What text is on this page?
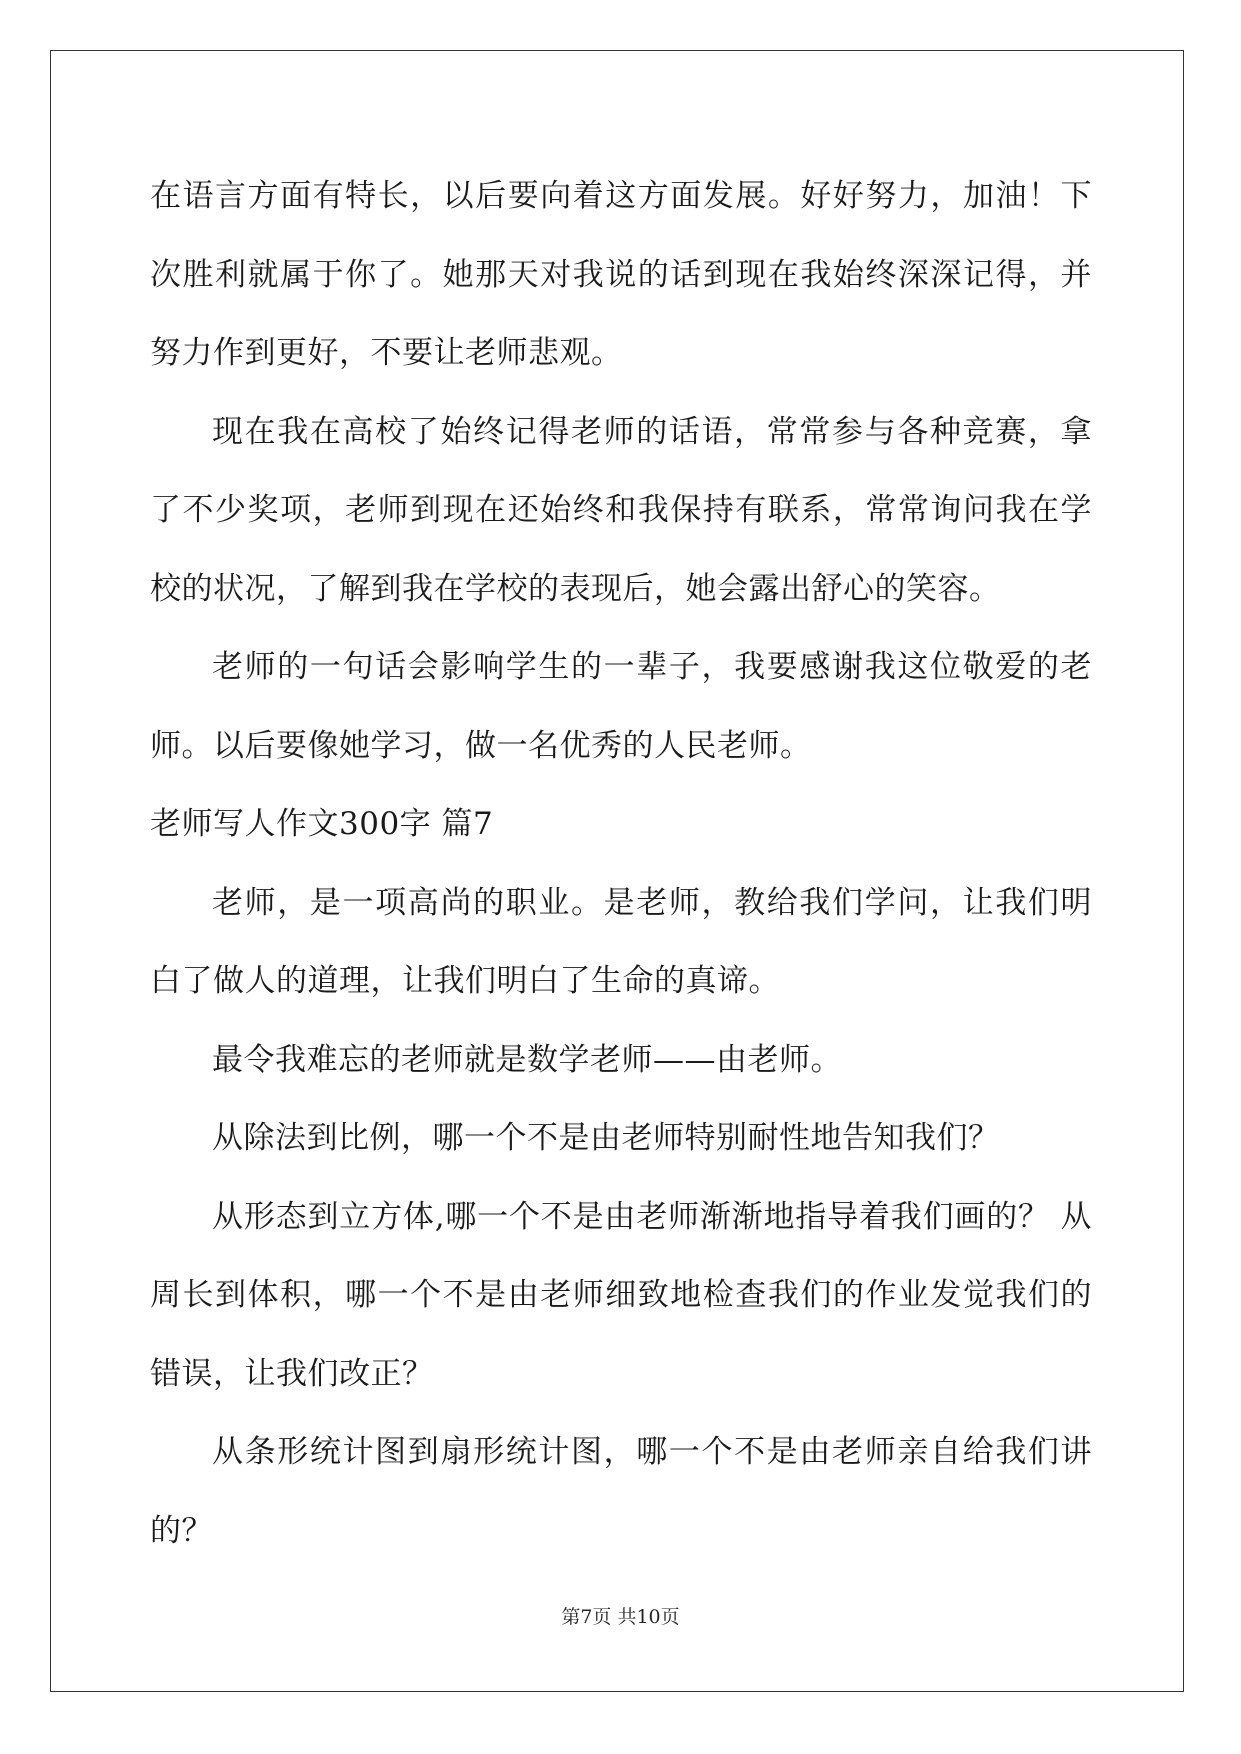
在语言方面有特长，以后要向着这方面发展。好好努力，加油！下次胜利就属于你了。她那天对我说的话到现在我始终深深记得，并努力作到更好，不要让老师悲观。

现在我在高校了始终记得老师的话语，常常参与各种竞赛，拿了不少奖项，老师到现在还始终和我保持有联系，常常询问我在学校的状况，了解到我在学校的表现后，她会露出舒心的笑容。

老师的一句话会影响学生的一辈子，我要感谢我这位敬爱的老师。以后要像她学习，做一名优秀的人民老师。

老师写人作文300字 篇7

老师，是一项高尚的职业。是老师，教给我们学问，让我们明白了做人的道理，让我们明白了生命的真谛。

最令我难忘的老师就是数学老师——由老师。

从除法到比例，哪一个不是由老师特别耐性地告知我们？

从形态到立方体,哪一个不是由老师渐渐地指导着我们画的？ 从周长到体积，哪一个不是由老师细致地检查我们的作业发觉我们的错误，让我们改正？

从条形统计图到扇形统计图，哪一个不是由老师亲自给我们讲的？

第7页 共10页
